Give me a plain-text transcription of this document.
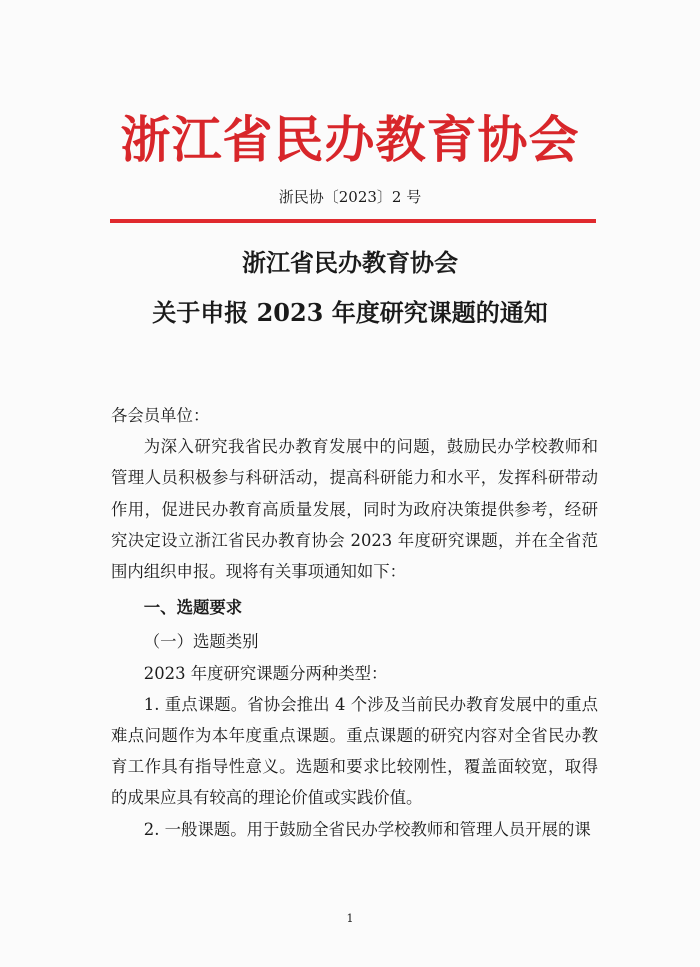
浙江省民办教育协会
浙民协〔2023〕2 号
浙江省民办教育协会
关于申报 2023 年度研究课题的通知

各会员单位：

为深入研究我省民办教育发展中的问题，鼓励民办学校教师和管理人员积极参与科研活动，提高科研能力和水平，发挥科研带动作用，促进民办教育高质量发展，同时为政府决策提供参考，经研究决定设立浙江省民办教育协会 2023 年度研究课题，并在全省范围内组织申报。现将有关事项通知如下：

一、选题要求

（一）选题类别

2023 年度研究课题分两种类型：

1. 重点课题。省协会推出 4 个涉及当前民办教育发展中的重点难点问题作为本年度重点课题。重点课题的研究内容对全省民办教育工作具有指导性意义。选题和要求比较刚性，覆盖面较宽，取得的成果应具有较高的理论价值或实践价值。

2. 一般课题。用于鼓励全省民办学校教师和管理人员开展的课

1
